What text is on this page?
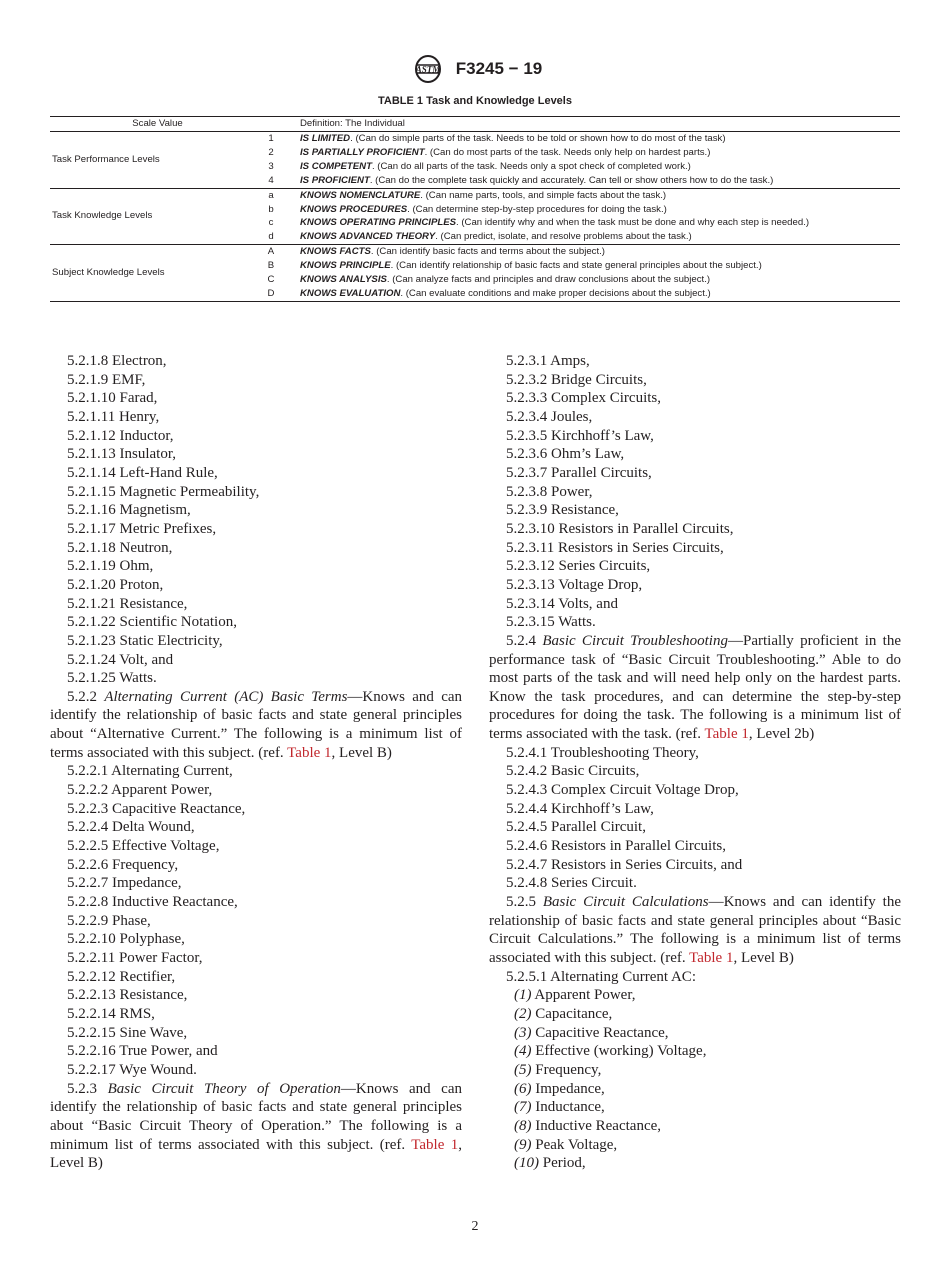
ASTM F3245 − 19
TABLE 1 Task and Knowledge Levels
Scale Value		Definition: The Individual
Task Performance Levels	1	IS LIMITED. (Can do simple parts of the task. Needs to be told or shown how to do most of the task)
	2	IS PARTIALLY PROFICIENT. (Can do most parts of the task. Needs only help on hardest parts.)
	3	IS COMPETENT. (Can do all parts of the task. Needs only a spot check of completed work.)
	4	IS PROFICIENT. (Can do the complete task quickly and accurately. Can tell or show others how to do the task.)
Task Knowledge Levels	a	KNOWS NOMENCLATURE. (Can name parts, tools, and simple facts about the task.)
	b	KNOWS PROCEDURES. (Can determine step-by-step procedures for doing the task.)
	c	KNOWS OPERATING PRINCIPLES. (Can identify why and when the task must be done and why each step is needed.)
	d	KNOWS ADVANCED THEORY. (Can predict, isolate, and resolve problems about the task.)
Subject Knowledge Levels	A	KNOWS FACTS. (Can identify basic facts and terms about the subject.)
	B	KNOWS PRINCIPLE. (Can identify relationship of basic facts and state general principles about the subject.)
	C	KNOWS ANALYSIS. (Can analyze facts and principles and draw conclusions about the subject.)
	D	KNOWS EVALUATION. (Can evaluate conditions and make proper decisions about the subject.)
5.2.1.8 Electron,
5.2.1.9 EMF,
5.2.1.10 Farad,
5.2.1.11 Henry,
5.2.1.12 Inductor,
5.2.1.13 Insulator,
5.2.1.14 Left-Hand Rule,
5.2.1.15 Magnetic Permeability,
5.2.1.16 Magnetism,
5.2.1.17 Metric Prefixes,
5.2.1.18 Neutron,
5.2.1.19 Ohm,
5.2.1.20 Proton,
5.2.1.21 Resistance,
5.2.1.22 Scientific Notation,
5.2.1.23 Static Electricity,
5.2.1.24 Volt, and
5.2.1.25 Watts.
5.2.2 Alternating Current (AC) Basic Terms—Knows and can identify the relationship of basic facts and state general principles about “Alternative Current.” The following is a minimum list of terms associated with this subject. (ref. Table 1, Level B)
5.2.2.1 Alternating Current,
5.2.2.2 Apparent Power,
5.2.2.3 Capacitive Reactance,
5.2.2.4 Delta Wound,
5.2.2.5 Effective Voltage,
5.2.2.6 Frequency,
5.2.2.7 Impedance,
5.2.2.8 Inductive Reactance,
5.2.2.9 Phase,
5.2.2.10 Polyphase,
5.2.2.11 Power Factor,
5.2.2.12 Rectifier,
5.2.2.13 Resistance,
5.2.2.14 RMS,
5.2.2.15 Sine Wave,
5.2.2.16 True Power, and
5.2.2.17 Wye Wound.
5.2.3 Basic Circuit Theory of Operation—Knows and can identify the relationship of basic facts and state general principles about “Basic Circuit Theory of Operation.” The following is a minimum list of terms associated with this subject. (ref. Table 1, Level B)
5.2.3.1 Amps,
5.2.3.2 Bridge Circuits,
5.2.3.3 Complex Circuits,
5.2.3.4 Joules,
5.2.3.5 Kirchhoff’s Law,
5.2.3.6 Ohm’s Law,
5.2.3.7 Parallel Circuits,
5.2.3.8 Power,
5.2.3.9 Resistance,
5.2.3.10 Resistors in Parallel Circuits,
5.2.3.11 Resistors in Series Circuits,
5.2.3.12 Series Circuits,
5.2.3.13 Voltage Drop,
5.2.3.14 Volts, and
5.2.3.15 Watts.
5.2.4 Basic Circuit Troubleshooting—Partially proficient in the performance task of “Basic Circuit Troubleshooting.” Able to do most parts of the task and will need help only on the hardest parts. Know the task procedures, and can determine the step-by-step procedures for doing the task. The following is a minimum list of terms associated with the task. (ref. Table 1, Level 2b)
5.2.4.1 Troubleshooting Theory,
5.2.4.2 Basic Circuits,
5.2.4.3 Complex Circuit Voltage Drop,
5.2.4.4 Kirchhoff’s Law,
5.2.4.5 Parallel Circuit,
5.2.4.6 Resistors in Parallel Circuits,
5.2.4.7 Resistors in Series Circuits, and
5.2.4.8 Series Circuit.
5.2.5 Basic Circuit Calculations—Knows and can identify the relationship of basic facts and state general principles about “Basic Circuit Calculations.” The following is a minimum list of terms associated with this subject. (ref. Table 1, Level B)
5.2.5.1 Alternating Current AC:
(1) Apparent Power,
(2) Capacitance,
(3) Capacitive Reactance,
(4) Effective (working) Voltage,
(5) Frequency,
(6) Impedance,
(7) Inductance,
(8) Inductive Reactance,
(9) Peak Voltage,
(10) Period,
2
